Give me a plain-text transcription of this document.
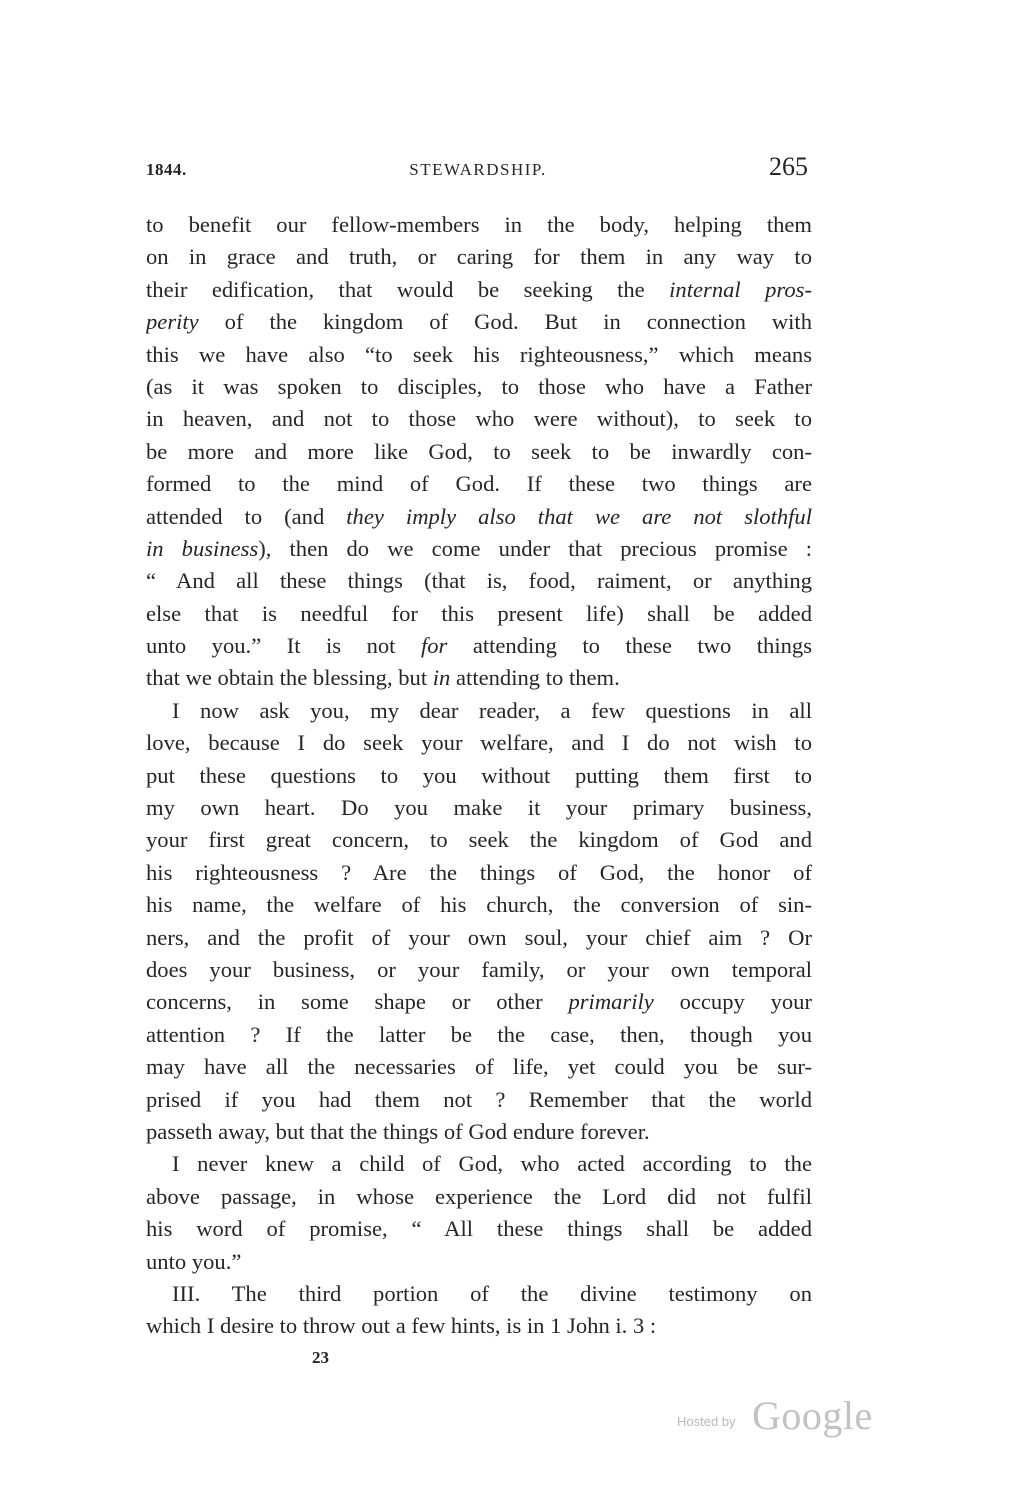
1844.	STEWARDSHIP.	265
to benefit our fellow-members in the body, helping them
on in grace and truth, or caring for them in any way to
their edification, that would be seeking the internal pros-
perity of the kingdom of God. But in connection with
this we have also “to seek his righteousness,” which means
(as it was spoken to disciples, to those who have a Father
in heaven, and not to those who were without), to seek to
be more and more like God, to seek to be inwardly con-
formed to the mind of God. If these two things are
attended to (and they imply also that we are not slothful
in business), then do we come under that precious promise :
“ And all these things (that is, food, raiment, or anything
else that is needful for this present life) shall be added
unto you.” It is not for attending to these two things
that we obtain the blessing, but in attending to them.
I now ask you, my dear reader, a few questions in all
love, because I do seek your welfare, and I do not wish to
put these questions to you without putting them first to
my own heart. Do you make it your primary business,
your first great concern, to seek the kingdom of God and
his righteousness ? Are the things of God, the honor of
his name, the welfare of his church, the conversion of sin-
ners, and the profit of your own soul, your chief aim ? Or
does your business, or your family, or your own temporal
concerns, in some shape or other primarily occupy your
attention ? If the latter be the case, then, though you
may have all the necessaries of life, yet could you be sur-
prised if you had them not ? Remember that the world
passeth away, but that the things of God endure forever.
I never knew a child of God, who acted according to the
above passage, in whose experience the Lord did not fulfil
his word of promise, “ All these things shall be added
unto you.”
III. The third portion of the divine testimony on
which I desire to throw out a few hints, is in 1 John i. 3 :
23
Hosted by Google
